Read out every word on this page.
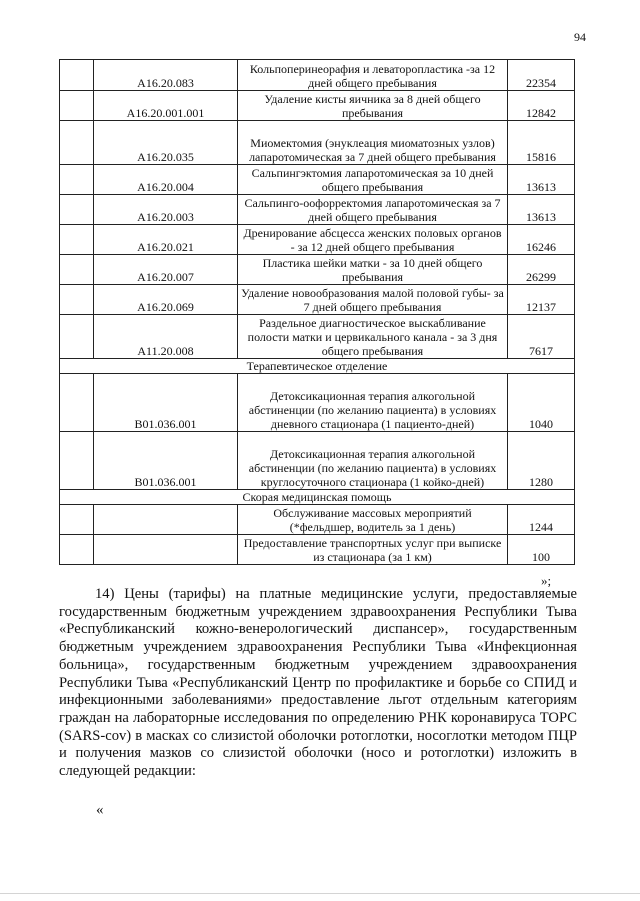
94
	A16.20.083	Кольпоперинеорафия и леваторопластика -за 12 дней общего пребывания	22354
	A16.20.001.001	Удаление кисты яичника за 8 дней общего пребывания	12842
	A16.20.035	Миомектомия (энуклеация миоматозных узлов) лапаротомическая за 7 дней общего пребывания	15816
	A16.20.004	Сальпингэктомия лапаротомическая за 10 дней общего пребывания	13613
	A16.20.003	Сальпинго-оофорректомия лапаротомическая за 7 дней общего пребывания	13613
	A16.20.021	Дренирование абсцесса женских половых органов - за 12 дней общего пребывания	16246
	A16.20.007	Пластика шейки матки - за 10 дней общего пребывания	26299
	A16.20.069	Удаление новообразования малой половой губы- за 7 дней общего пребывания	12137
	A11.20.008	Раздельное диагностическое выскабливание полости матки и цервикального канала - за 3 дня общего пребывания	7617
Терапевтическое отделение			
	B01.036.001	Детоксикационная терапия алкогольной абстиненции (по желанию пациента) в условиях дневного стационара (1 пациенто-дней)	1040
	B01.036.001	Детоксикационная терапия алкогольной абстиненции (по желанию пациента) в условиях круглосуточного стационара (1 койко-дней)	1280
Скорая медицинская помощь			
		Обслуживание массовых мероприятий (*фельдшер, водитель за 1 день)	1244
		Предоставление транспортных услуг при выписке из стационара (за 1 км)	100
»;

14) Цены (тарифы) на платные медицинские услуги, предоставляемые государственным бюджетным учреждением здравоохранения Республики Тыва «Республиканский кожно-венерологический диспансер», государственным бюджетным учреждением здравоохранения Республики Тыва «Инфекционная больница», государственным бюджетным учреждением здравоохранения Республики Тыва «Республиканский Центр по профилактике и борьбе со СПИД и инфекционными заболеваниями» предоставление льгот отдельным категориям граждан на лабораторные исследования по определению РНК коронавируса ТОРС (SARS-cov) в масках со слизистой оболочки ротоглотки, носоглотки методом ПЦР и получения мазков со слизистой оболочки (носо и ротоглотки) изложить в следующей редакции:

«
